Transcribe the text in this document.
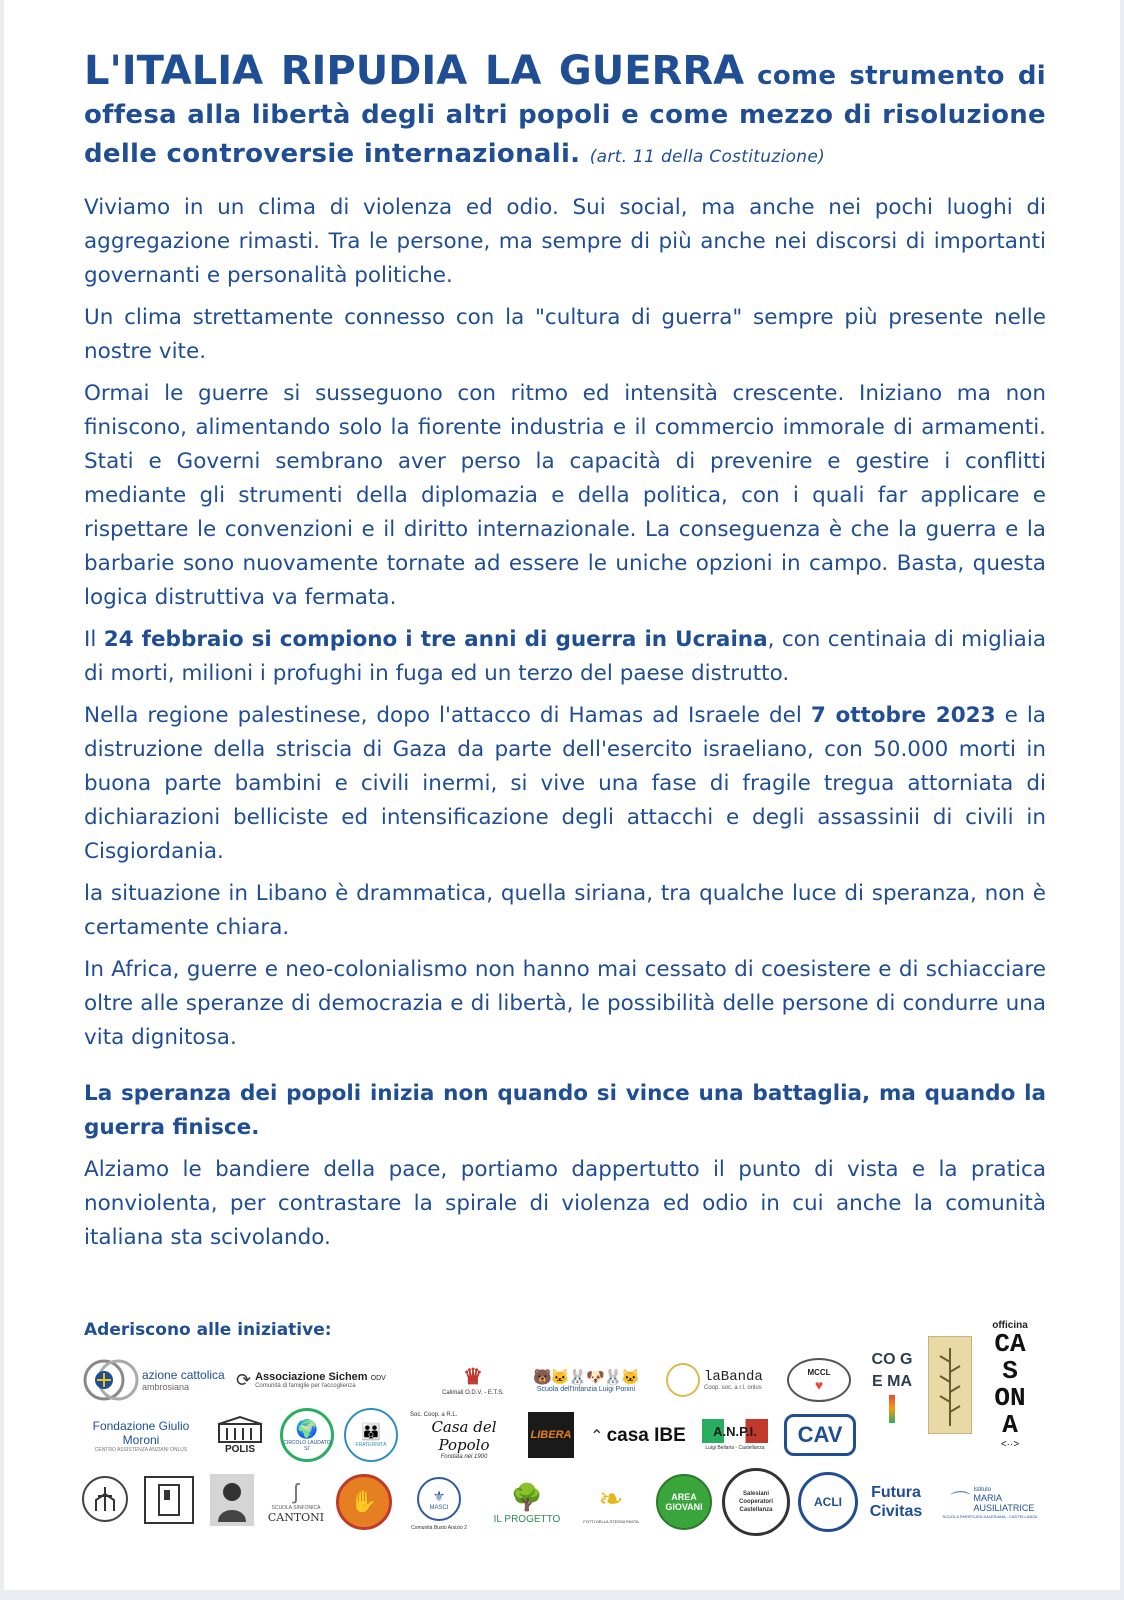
L'ITALIA RIPUDIA LA GUERRA come strumento di offesa alla libertà degli altri popoli e come mezzo di risoluzione delle controversie internazionali. (art. 11 della Costituzione)

Viviamo in un clima di violenza ed odio. Sui social, ma anche nei pochi luoghi di aggregazione rimasti. Tra le persone, ma sempre di più anche nei discorsi di importanti governanti e personalità politiche.

Un clima strettamente connesso con la "cultura di guerra" sempre più presente nelle nostre vite.

Ormai le guerre si susseguono con ritmo ed intensità crescente. Iniziano ma non finiscono, alimentando solo la fiorente industria e il commercio immorale di armamenti. Stati e Governi sembrano aver perso la capacità di prevenire e gestire i conflitti mediante gli strumenti della diplomazia e della politica, con i quali far applicare e rispettare le convenzioni e il diritto internazionale. La conseguenza è che la guerra e la barbarie sono nuovamente tornate ad essere le uniche opzioni in campo. Basta, questa logica distruttiva va fermata.

Il 24 febbraio si compiono i tre anni di guerra in Ucraina, con centinaia di migliaia di morti, milioni i profughi in fuga ed un terzo del paese distrutto.

Nella regione palestinese, dopo l'attacco di Hamas ad Israele del 7 ottobre 2023 e la distruzione della striscia di Gaza da parte dell'esercito israeliano, con 50.000 morti in buona parte bambini e civili inermi, si vive una fase di fragile tregua attorniata di dichiarazioni belliciste ed intensificazione degli attacchi e degli assassinii di civili in Cisgiordania.

la situazione in Libano è drammatica, quella siriana, tra qualche luce di speranza, non è certamente chiara.

In Africa, guerre e neo-colonialismo non hanno mai cessato di coesistere e di schiacciare oltre alle speranze di democrazia e di libertà, le possibilità delle persone di condurre una vita dignitosa.

La speranza dei popoli inizia non quando si vince una battaglia, ma quando la guerra finisce.

Alziamo le bandiere della pace, portiamo dappertutto il punto di vista e la pratica nonviolenta, per contrastare la spirale di violenza ed odio in cui anche la comunità italiana sta scivolando.

Aderiscono alle iniziative:
azione cattolica
ambrosiana	⟳ Associazione Sichem ODV
Comunità di famiglie per l'accoglienza	♛
Calimali O.D.V. - E.T.S.
🐻🐱🐰🐶🐰🐱
Scuola dell'Infanzia Luigi Ponini
laBanda
Coop. soc. a r.l. onlus
MCCL
♥
CO GE MA
officina
CAS ONA
<··>
Fondazione Giulio Moroni
CENTRO ASSISTENZA ANZIANI ONLUS	POLIS
🌍
CIRCOLO LAUDATO SI'
👪
FRATERNITÀ
Soc. Coop. a R.L.
Casa del Popolo
Fondata nel 1900
LIBERA ⌃ casa IBE A.N.P.I.
Luigi Bellaria - Castellanza
CAV
ʃ
SCUOLA SINFONICA
CANTONI
✋	⚜
MASCI
Comunità Busto Arsizio 2
🌳
IL PROGETTO
❧
FOTTI DELLA STESSA PASTA
AREA GIOVANI
Salesiani Cooperatori Castellanza
ACLI
Futura Civitas ⌒
Istituto
MARIA AUSILIATRICE
SCUOLA PARIFICATA SALESIANA - CASTELLANZA
